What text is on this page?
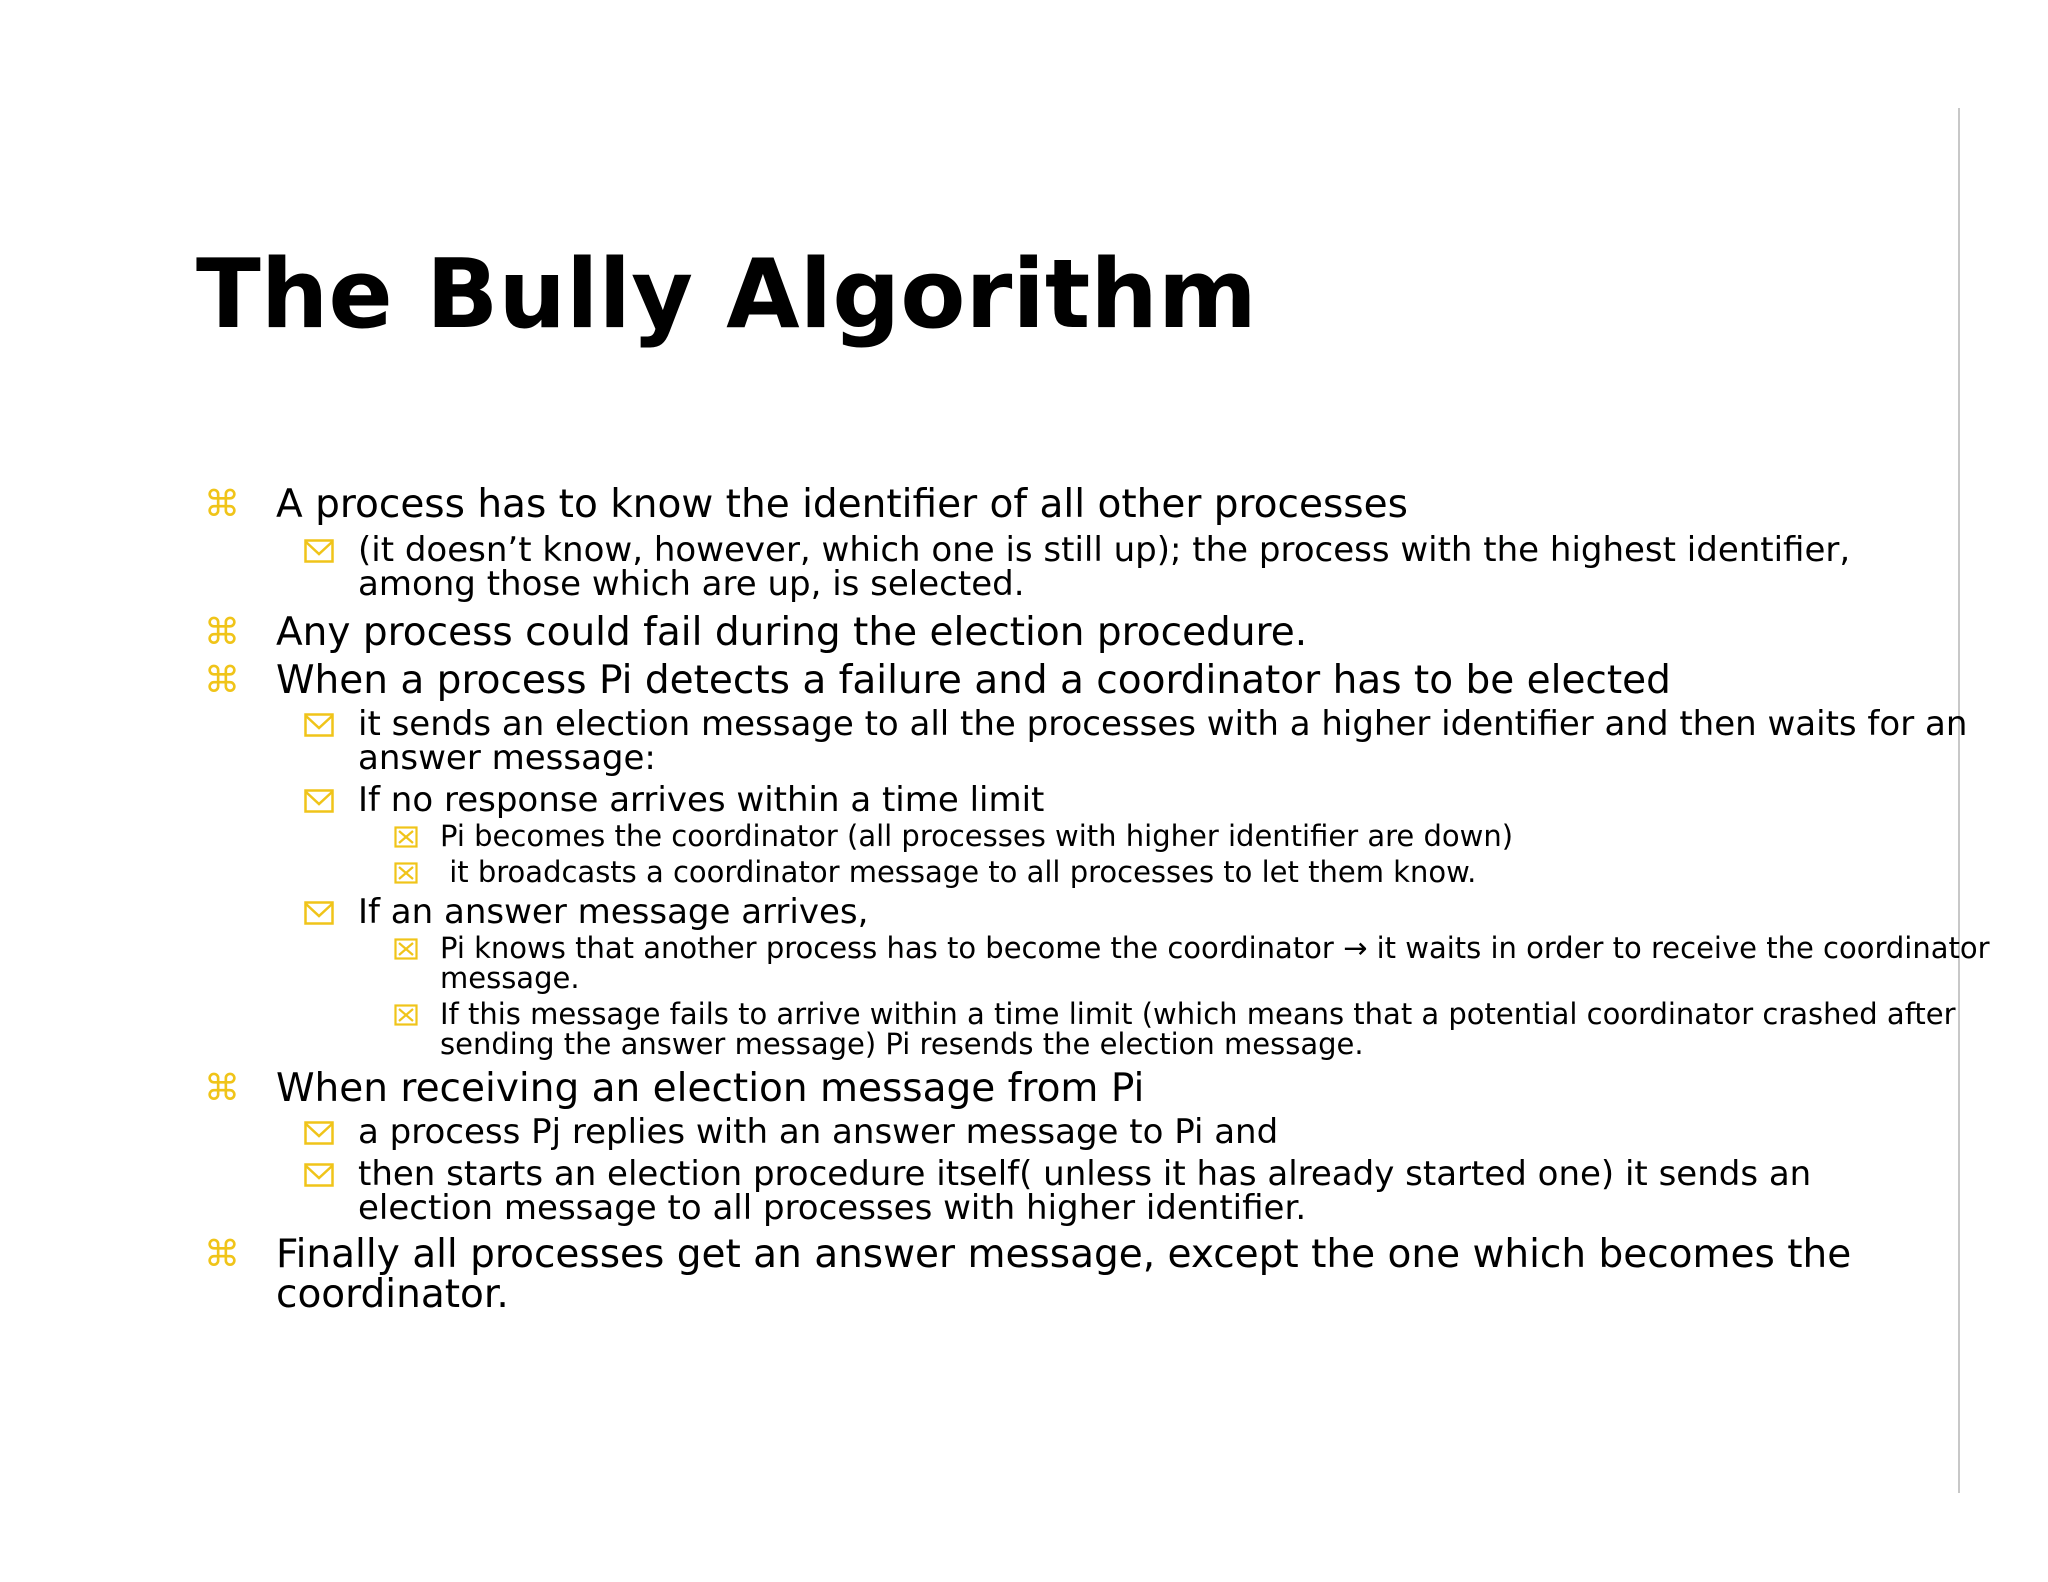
The Bully Algorithm
⌘ A process has to know the identifier of all other processes
(it doesn’t know, however, which one is still up); the process with the highest identifier, among those which are up, is selected.
⌘ Any process could fail during the election procedure.
⌘ When a process Pi detects a failure and a coordinator has to be elected
it sends an election message to all the processes with a higher identifier and then waits for an answer message:
If no response arrives within a time limit
Pi becomes the coordinator (all processes with higher identifier are down)
it broadcasts a coordinator message to all processes to let them know.
If an answer message arrives,
Pi knows that another process has to become the coordinator → it waits in order to receive the coordinator message.
If this message fails to arrive within a time limit (which means that a potential coordinator crashed after sending the answer message) Pi resends the election message.
⌘ When receiving an election message from Pi
a process Pj replies with an answer message to Pi and
then starts an election procedure itself( unless it has already started one) it sends an election message to all processes with higher identifier.
⌘ Finally all processes get an answer message, except the one which becomes the coordinator.
